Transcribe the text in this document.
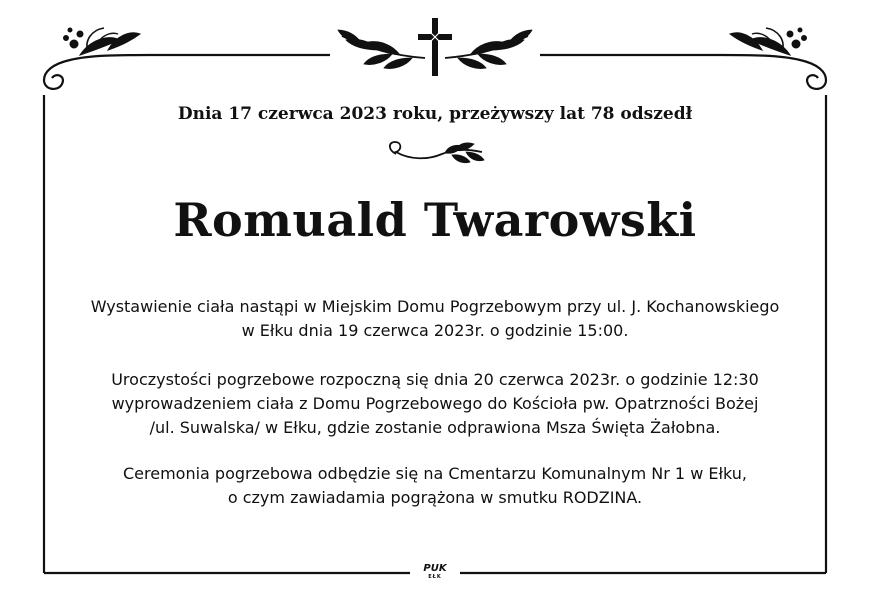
Dnia 17 czerwca 2023 roku, przeżywszy lat 78 odszedł
Romuald Twarowski
Wystawienie ciała nastąpi w Miejskim Domu Pogrzebowym przy ul. J. Kochanowskiego
w Ełku dnia 19 czerwca 2023r. o godzinie 15:00.
Uroczystości pogrzebowe rozpoczną się dnia 20 czerwca 2023r. o godzinie 12:30
wyprowadzeniem ciała z Domu Pogrzebowego do Kościoła pw. Opatrzności Bożej
/ul. Suwalska/ w Ełku, gdzie zostanie odprawiona Msza Święta Żałobna.
Ceremonia pogrzebowa odbędzie się na Cmentarzu Komunalnym Nr 1 w Ełku,
o czym zawiadamia pogrążona w smutku RODZINA.
PUK
EŁK
